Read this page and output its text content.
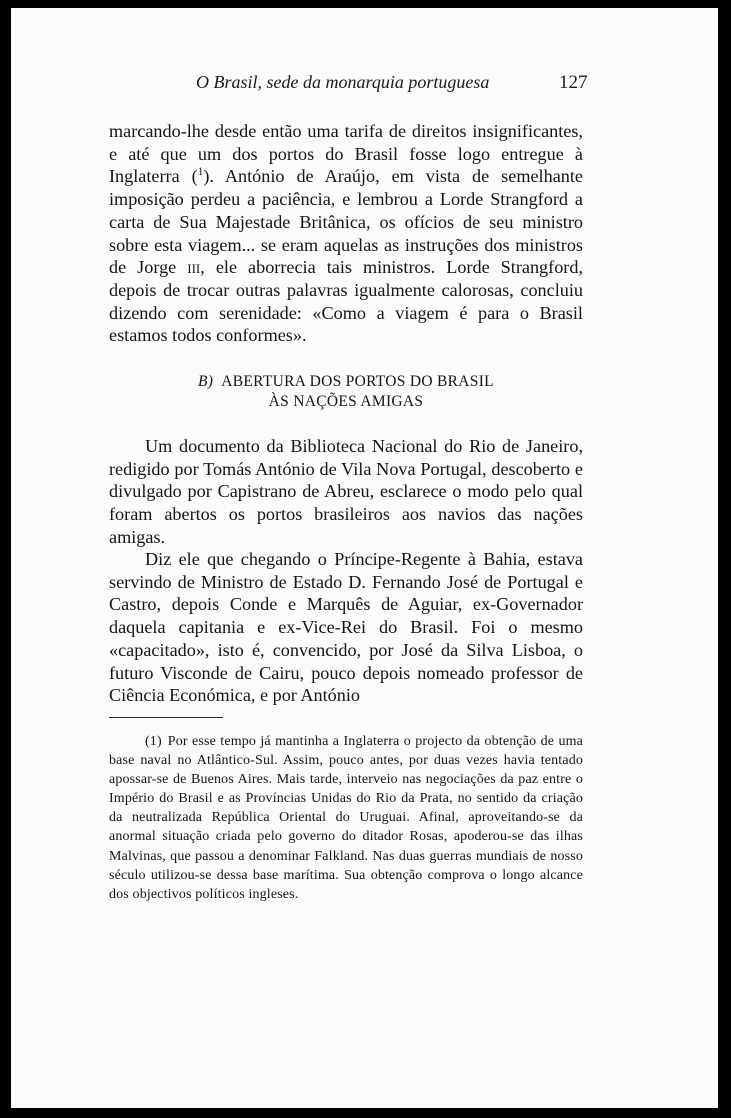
O Brasil, sede da monarquia portuguesa	127
marcando-lhe desde então uma tarifa de direitos insignificantes, e até que um dos portos do Brasil fosse logo entregue à Inglaterra ($^1$). António de Araújo, em vista de semelhante imposição perdeu a paciência, e lembrou a Lorde Strangford a carta de Sua Majestade Britânica, os ofícios de seu ministro sobre esta viagem... se eram aquelas as instruções dos ministros de Jorge iii, ele aborrecia tais ministros. Lorde Strangford, depois de trocar outras palavras igualmente calorosas, concluiu dizendo com serenidade: «Como a viagem é para o Brasil estamos todos conformes».
B) ABERTURA DOS PORTOS DO BRASIL
ÀS NAÇÕES AMIGAS
Um documento da Biblioteca Nacional do Rio de Janeiro, redigido por Tomás António de Vila Nova Portugal, descoberto e divulgado por Capistrano de Abreu, esclarece o modo pelo qual foram abertos os portos brasileiros aos navios das nações amigas.
Diz ele que chegando o Príncipe-Regente à Bahia, estava servindo de Ministro de Estado D. Fernando José de Portugal e Castro, depois Conde e Marquês de Aguiar, ex-Governador daquela capitania e ex-Vice-Rei do Brasil. Foi o mesmo «capacitado», isto é, convencido, por José da Silva Lisboa, o futuro Visconde de Cairu, pouco depois nomeado professor de Ciência Económica, e por António
(1) Por esse tempo já mantinha a Inglaterra o projecto da obtenção de uma base naval no Atlântico-Sul. Assim, pouco antes, por duas vezes havia tentado apossar-se de Buenos Aires. Mais tarde, interveio nas negociações da paz entre o Império do Brasil e as Províncias Unidas do Rio da Prata, no sentido da criação da neutralizada República Oriental do Uruguai. Afinal, aproveitando-se da anormal situação criada pelo governo do ditador Rosas, apoderou-se das ilhas Malvinas, que passou a denominar Falkland. Nas duas guerras mundiais de nosso século utilizou-se dessa base marítima. Sua obtenção comprova o longo alcance dos objectivos políticos ingleses.
